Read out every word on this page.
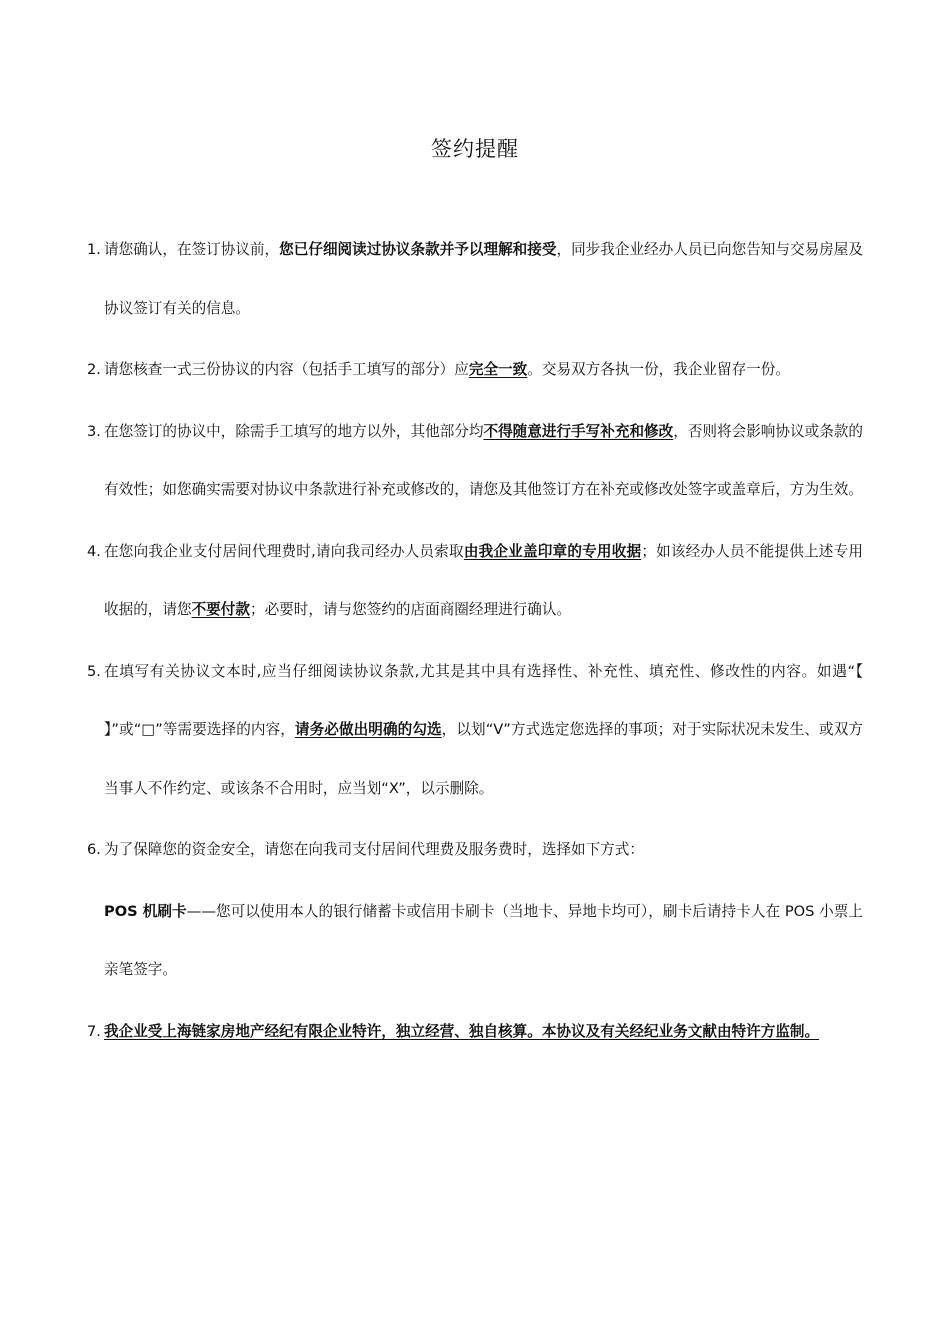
签约提醒
1. 请您确认，在签订协议前，您已仔细阅读过协议条款并予以理解和接受，同步我企业经办人员已向您告知与交易房屋及协议签订有关的信息。
2. 请您核查一式三份协议的内容（包括手工填写的部分）应完全一致。交易双方各执一份，我企业留存一份。
3. 在您签订的协议中，除需手工填写的地方以外，其他部分均不得随意进行手写补充和修改，否则将会影响协议或条款的有效性；如您确实需要对协议中条款进行补充或修改的，请您及其他签订方在补充或修改处签字或盖章后，方为生效。
4. 在您向我企业支付居间代理费时,请向我司经办人员索取由我企业盖印章的专用收据；如该经办人员不能提供上述专用收据的，请您不要付款；必要时，请与您签约的店面商圈经理进行确认。
5. 在填写有关协议文本时,应当仔细阅读协议条款,尤其是其中具有选择性、补充性、填充性、修改性的内容。如遇“【 】”或“□”等需要选择的内容，请务必做出明确的勾选，以划“V”方式选定您选择的事项；对于实际状况未发生、或双方当事人不作约定、或该条不合用时，应当划“X”，以示删除。
6. 为了保障您的资金安全，请您在向我司支付居间代理费及服务费时，选择如下方式：
POS 机刷卡——您可以使用本人的银行储蓄卡或信用卡刷卡（当地卡、异地卡均可），刷卡后请持卡人在 POS 小票上亲笔签字。
7. 我企业受上海链家房地产经纪有限企业特许，独立经营、独自核算。本协议及有关经纪业务文献由特许方监制。
